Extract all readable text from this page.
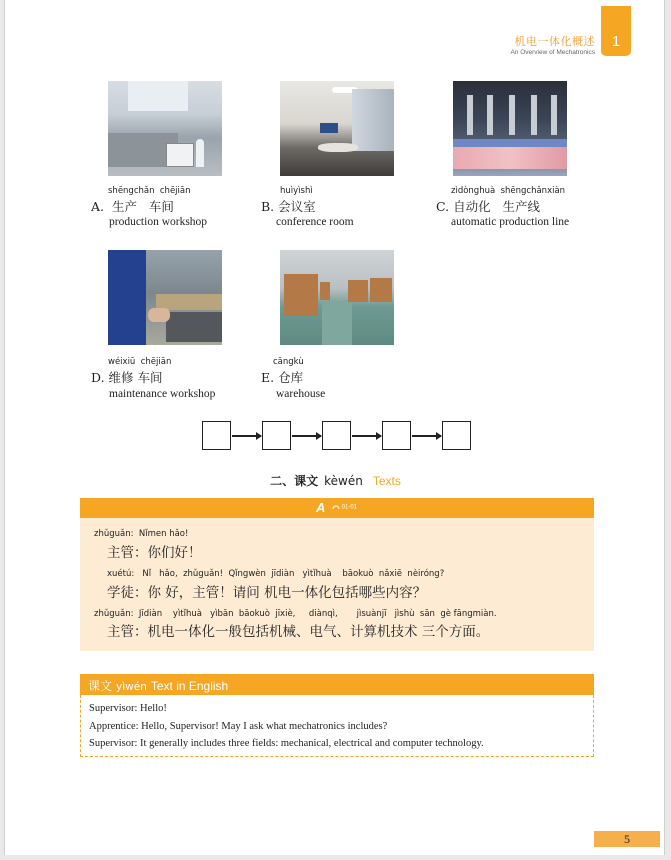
机电一体化概述
An Overview of Mechatronics
1
shēngchǎn  chējiān
A.  生产   车间
production workshop
huìyìshì
B. 会议室
conference room
zìdònghuà  shēngchǎnxiàn
C. 自动化   生产线
automatic production line
wéixiū  chējiān
D. 维修 车间
maintenance workshop
cāngkù
E. 仓库
warehouse
二、课文 kèwén Texts
A	01-01
zhǔguǎn:  Nǐmen hǎo!
主管：你们好！
xuétú:   Nǐ   hǎo,  zhǔguǎn!  Qǐngwèn  jīdiàn   yìtǐhuà    bāokuò  nǎxiē  nèiróng?
学徒：你 好，主管！请问 机电一体化包括哪些内容？
zhǔguǎn:  Jīdiàn    yìtǐhuà   yìbān  bāokuò  jīxiè,     diànqì,       jìsuànjī   jìshù  sān  gè fāngmiàn.
主管：机电一体化一般包括机械、电气、计算机技术 三个方面。
课文 yìwén Text in English
Supervisor: Hello!
Apprentice: Hello, Supervisor! May I ask what mechatronics includes?
Supervisor: It generally includes three fields: mechanical, electrical and computer technology.
5
